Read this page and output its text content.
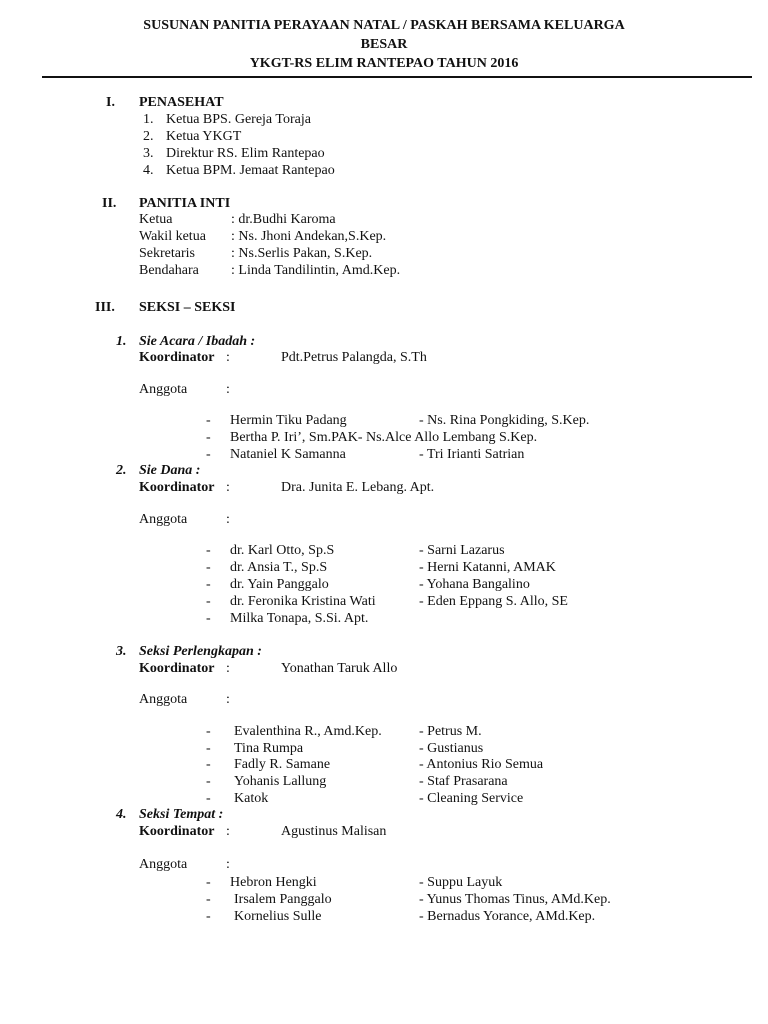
SUSUNAN PANITIA PERAYAAN NATAL / PASKAH BERSAMA KELUARGA
BESAR
YKGT-RS ELIM RANTEPAO TAHUN 2016
I. PENASEHAT
1. Ketua BPS. Gereja Toraja
2. Ketua YKGT
3. Direktur RS. Elim Rantepao
4. Ketua BPM. Jemaat Rantepao
II. PANITIA INTI
Ketua	: dr.Budhi Karoma
Wakil ketua : Ns. Jhoni Andekan,S.Kep.
Sekretaris	: Ns.Serlis Pakan, S.Kep.
Bendahara : Linda Tandilintin, Amd.Kep.
III. SEKSI – SEKSI
1. Sie Acara / Ibadah :
Koordinator :	Pdt.Petrus Palangda, S.Th
Anggota	:
- Hermin Tiku Padang	- Ns. Rina Pongkiding, S.Kep.
- Bertha P. Iri’, Sm.PAK- Ns.Alce Allo Lembang S.Kep.
- Nataniel K Samanna	- Tri Irianti Satrian
2. Sie Dana :
Koordinator :	Dra. Junita E. Lebang. Apt.
Anggota	:
- dr. Karl Otto, Sp.S	- Sarni Lazarus
- dr. Ansia T., Sp.S	- Herni Katanni, AMAK
- dr. Yain Panggalo	- Yohana Bangalino
- dr. Feronika Kristina Wati	- Eden Eppang S. Allo, SE
- Milka Tonapa, S.Si. Apt.
3. Seksi Perlengkapan :
Koordinator :	Yonathan Taruk Allo
Anggota	:
- Evalenthina R., Amd.Kep.	- Petrus M.
- Tina Rumpa	- Gustianus
- Fadly R. Samane	- Antonius Rio Semua
- Yohanis Lallung	- Staf Prasarana
- Katok	- Cleaning Service
4. Seksi Tempat :
Koordinator :	Agustinus Malisan
Anggota	:
- Hebron Hengki	- Suppu Layuk
- Irsalem Panggalo	- Yunus Thomas Tinus, AMd.Kep.
- Kornelius Sulle	- Bernadus Yorance, AMd.Kep.
